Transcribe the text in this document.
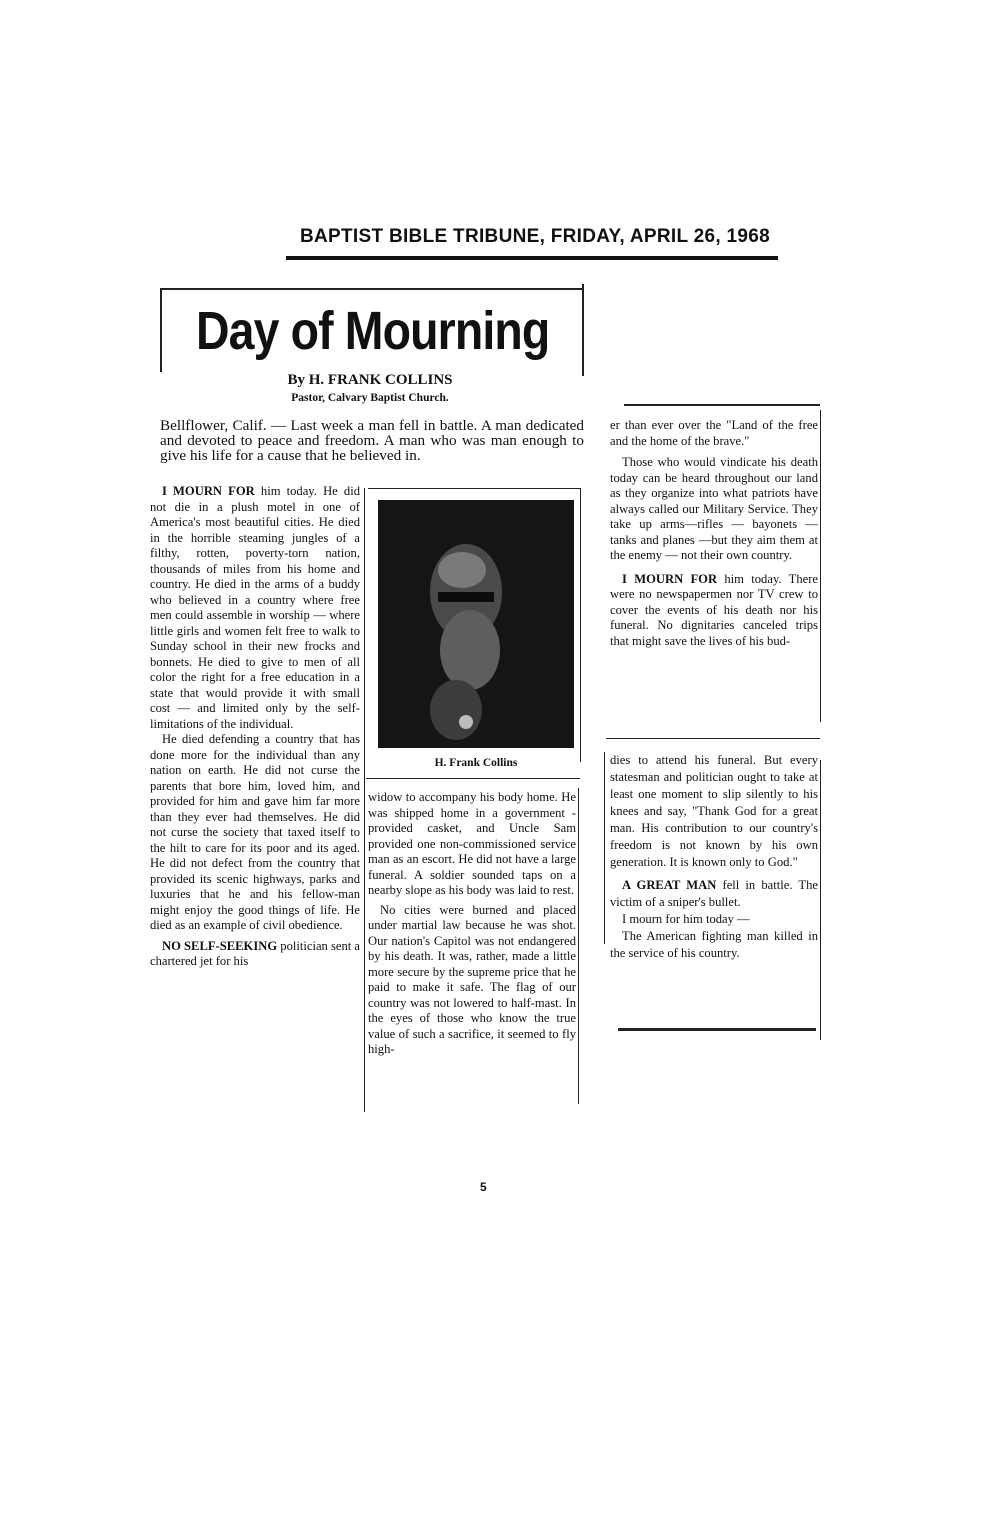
BAPTIST BIBLE TRIBUNE, FRIDAY, APRIL 26, 1968
Day of Mourning
By H. FRANK COLLINS
Pastor, Calvary Baptist Church.
Bellflower, Calif. — Last week a man fell in battle. A man dedicated and devoted to peace and freedom. A man who was man enough to give his life for a cause that he believed in.

I MOURN FOR him today. He did not die in a plush motel in one of America's most beautiful cities. He died in the horrible steaming jungles of a filthy, rotten, poverty-torn nation, thousands of miles from his home and country. He died in the arms of a buddy who believed in a country where free men could assemble in worship — where little girls and women felt free to walk to Sunday school in their new frocks and bonnets. He died to give to men of all color the right for a free education in a state that would provide it with small cost — and limited only by the self-limitations of the individual.

He died defending a country that has done more for the individual than any nation on earth. He did not curse the parents that bore him, loved him, and provided for him and gave him far more than they ever had themselves. He did not curse the society that taxed itself to the hilt to care for its poor and its aged. He did not defect from the country that provided its scenic highways, parks and luxuries that he and his fellow-man might enjoy the good things of life. He died as an example of civil obedience.

NO SELF-SEEKING politician sent a chartered jet for his

H. Frank Collins

widow to accompany his body home. He was shipped home in a government - provided casket, and Uncle Sam provided one non-commissioned service man as an escort. He did not have a large funeral. A soldier sounded taps on a nearby slope as his body was laid to rest.

No cities were burned and placed under martial law because he was shot. Our nation's Capitol was not endangered by his death. It was, rather, made a little more secure by the supreme price that he paid to make it safe. The flag of our country was not lowered to half-mast. In the eyes of those who know the true value of such a sacrifice, it seemed to fly high-

er than ever over the "Land of the free and the home of the brave."

Those who would vindicate his death today can be heard throughout our land as they organize into what patriots have always called our Military Service. They take up arms—rifles — bayonets — tanks and planes —but they aim them at the enemy — not their own country.

I MOURN FOR him today. There were no newspapermen nor TV crew to cover the events of his death nor his funeral. No dignitaries canceled trips that might save the lives of his bud-

dies to attend his funeral. But every statesman and politician ought to take at least one moment to slip silently to his knees and say, "Thank God for a great man. His contribution to our country's freedom is not known by his own generation. It is known only to God."

A GREAT MAN fell in battle. The victim of a sniper's bullet.

I mourn for him today —

The American fighting man killed in the service of his country.

5
